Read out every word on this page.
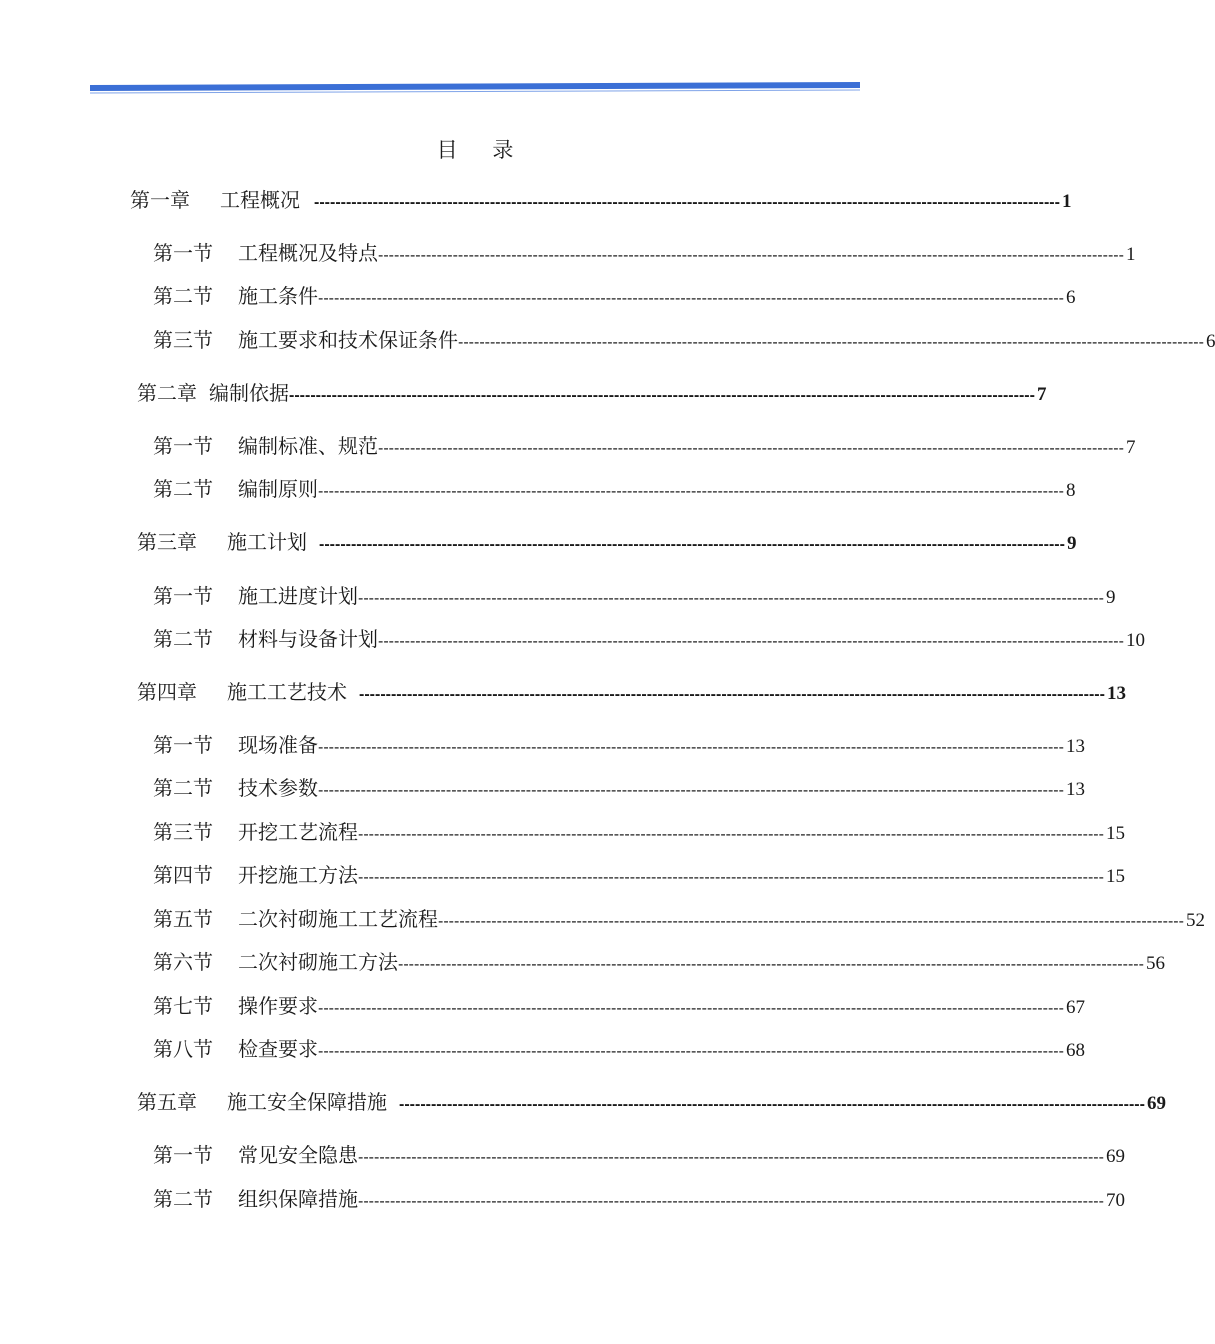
目 录
第一章 工程概况 -------------------------------------------------------------------------------------------------------------------------------------------- 1
第一节 工程概况及特点 -------------------------------------------------------------------------------------------------------------------------------------------- 1
第二节 施工条件 -------------------------------------------------------------------------------------------------------------------------------------------- 6
第三节 施工要求和技术保证条件 -------------------------------------------------------------------------------------------------------------------------------------------- 6
第二章 编制依据 -------------------------------------------------------------------------------------------------------------------------------------------- 7
第一节 编制标准、规范 -------------------------------------------------------------------------------------------------------------------------------------------- 7
第二节 编制原则 -------------------------------------------------------------------------------------------------------------------------------------------- 8
第三章 施工计划 -------------------------------------------------------------------------------------------------------------------------------------------- 9
第一节 施工进度计划 -------------------------------------------------------------------------------------------------------------------------------------------- 9
第二节 材料与设备计划 -------------------------------------------------------------------------------------------------------------------------------------------- 10
第四章 施工工艺技术 -------------------------------------------------------------------------------------------------------------------------------------------- 13
第一节 现场准备 -------------------------------------------------------------------------------------------------------------------------------------------- 13
第二节 技术参数 -------------------------------------------------------------------------------------------------------------------------------------------- 13
第三节 开挖工艺流程 -------------------------------------------------------------------------------------------------------------------------------------------- 15
第四节 开挖施工方法 -------------------------------------------------------------------------------------------------------------------------------------------- 15
第五节 二次衬砌施工工艺流程 -------------------------------------------------------------------------------------------------------------------------------------------- 52
第六节 二次衬砌施工方法 -------------------------------------------------------------------------------------------------------------------------------------------- 56
第七节 操作要求 -------------------------------------------------------------------------------------------------------------------------------------------- 67
第八节 检查要求 -------------------------------------------------------------------------------------------------------------------------------------------- 68
第五章 施工安全保障措施 -------------------------------------------------------------------------------------------------------------------------------------------- 69
第一节 常见安全隐患 -------------------------------------------------------------------------------------------------------------------------------------------- 69
第二节 组织保障措施 -------------------------------------------------------------------------------------------------------------------------------------------- 70
